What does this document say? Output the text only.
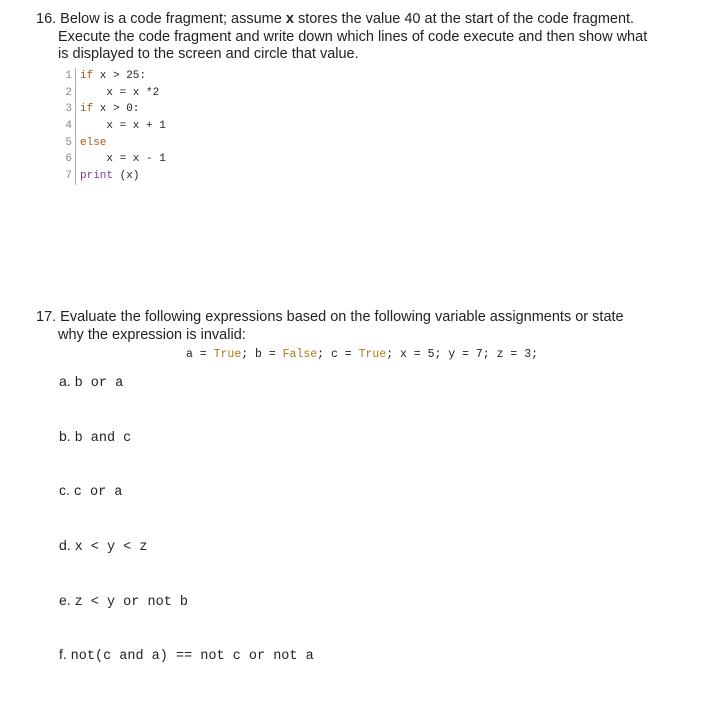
16. Below is a code fragment; assume x stores the value 40 at the start of the code fragment.
Execute the code fragment and write down which lines of code execute and then show what
is displayed to the screen and circle that value.
1 if x > 25:
2
	x = x *2
3 if x > 0:
4
	x = x + 1
5 else
6
	x = x - 1
7 print (x)
17. Evaluate the following expressions based on the following variable assignments or state
why the expression is invalid:
a = True; b = False; c = True; x = 5; y = 7; z = 3;
a. b or a
b. b and c
c. c or a
d. x < y < z
e. z < y or not b
f. not(c and a) == not c or not a
